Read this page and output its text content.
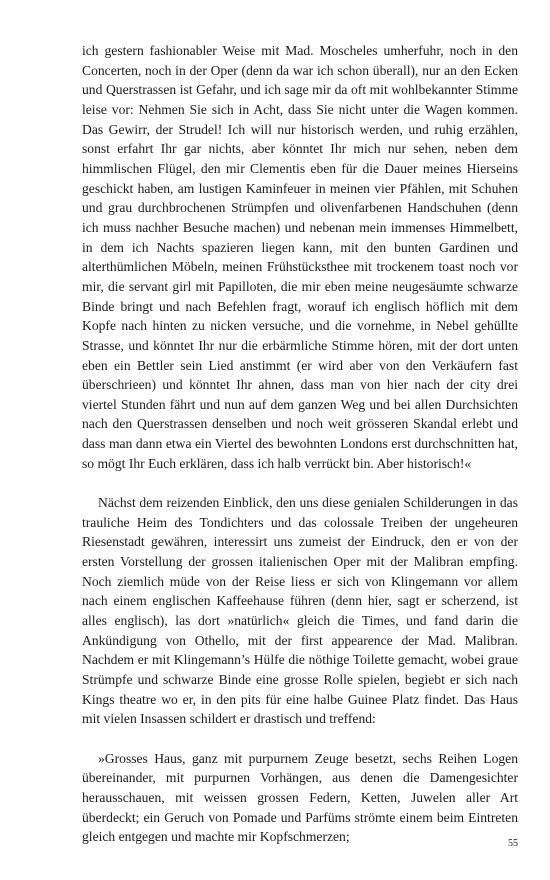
ich gestern fashionabler Weise mit Mad. Moscheles umherfuhr, noch in den Concerten, noch in der Oper (denn da war ich schon überall), nur an den Ecken und Querstrassen ist Gefahr, und ich sage mir da oft mit wohlbekannter Stimme leise vor: Nehmen Sie sich in Acht, dass Sie nicht unter die Wagen kommen. Das Gewirr, der Strudel! Ich will nur historisch werden, und ruhig erzählen, sonst erfahrt Ihr gar nichts, aber könntet Ihr mich nur sehen, neben dem himmlischen Flügel, den mir Clementis eben für die Dauer meines Hierseins geschickt haben, am lustigen Kaminfeuer in meinen vier Pfählen, mit Schuhen und grau durchbrochenen Strümpfen und olivenfarbenen Handschuhen (denn ich muss nachher Besuche machen) und nebenan mein immenses Himmelbett, in dem ich Nachts spazieren liegen kann, mit den bunten Gardinen und alterthümlichen Möbeln, meinen Frühstücksthee mit trockenem toast noch vor mir, die servant girl mit Papilloten, die mir eben meine neugesäumte schwarze Binde bringt und nach Befehlen fragt, worauf ich englisch höflich mit dem Kopfe nach hinten zu nicken versuche, und die vornehme, in Nebel gehüllte Strasse, und könntet Ihr nur die erbärmliche Stimme hören, mit der dort unten eben ein Bettler sein Lied anstimmt (er wird aber von den Verkäufern fast überschrieen) und könntet Ihr ahnen, dass man von hier nach der city drei viertel Stunden fährt und nun auf dem ganzen Weg und bei allen Durchsichten nach den Querstrassen denselben und noch weit grösseren Skandal erlebt und dass man dann etwa ein Viertel des bewohnten Londons erst durchschnitten hat, so mögt Ihr Euch erklären, dass ich halb verrückt bin. Aber historisch!«

Nächst dem reizenden Einblick, den uns diese genialen Schilderungen in das trauliche Heim des Tondichters und das colossale Treiben der ungeheuren Riesenstadt gewähren, interessirt uns zumeist der Eindruck, den er von der ersten Vorstellung der grossen italienischen Oper mit der Malibran empfing. Noch ziemlich müde von der Reise liess er sich von Klingemann vor allem nach einem englischen Kaffeehause führen (denn hier, sagt er scherzend, ist alles englisch), las dort »natürlich« gleich die Times, und fand darin die Ankündigung von Othello, mit der first appearence der Mad. Malibran. Nachdem er mit Klingemann’s Hülfe die nöthige Toilette gemacht, wobei graue Strümpfe und schwarze Binde eine grosse Rolle spielen, begiebt er sich nach Kings theatre wo er, in den pits für eine halbe Guinee Platz findet. Das Haus mit vielen Insassen schildert er drastisch und treffend:

»Grosses Haus, ganz mit purpurnem Zeuge besetzt, sechs Reihen Logen übereinander, mit purpurnen Vorhängen, aus denen die Damengesichter herausschauen, mit weissen grossen Federn, Ketten, Juwelen aller Art überdeckt; ein Geruch von Pomade und Parfüms strömte einem beim Eintreten gleich entgegen und machte mir Kopfschmerzen;	55
